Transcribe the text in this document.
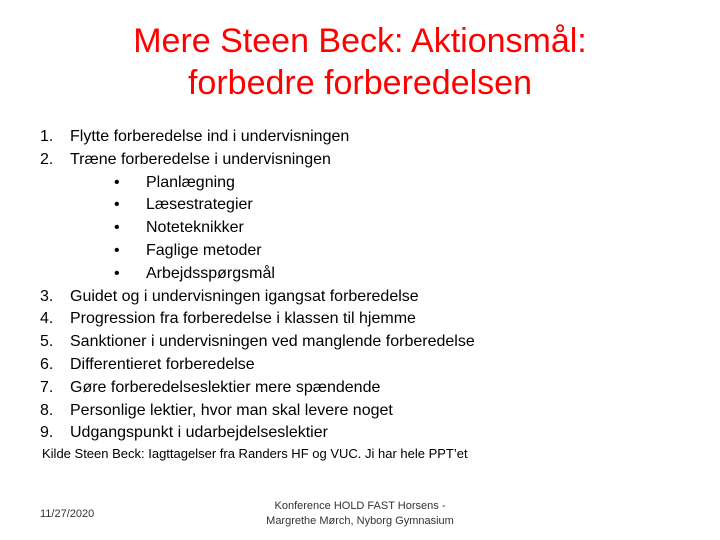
Mere Steen Beck: Aktionsmål:
forbedre forberedelsen
1.	Flytte forberedelse ind i undervisningen
2.	Træne forberedelse i undervisningen
•	Planlægning
•	Læsestrategier
•	Noteteknikker
•	Faglige metoder
•	Arbejdsspørgsmål
3.	Guidet og i undervisningen igangsat forberedelse
4.	Progression fra forberedelse i klassen til hjemme
5.	Sanktioner i undervisningen ved manglende forberedelse
6.	Differentieret forberedelse
7.	Gøre forberedelseslektier mere spændende
8.	Personlige lektier, hvor man skal levere noget
9.	Udgangspunkt i udarbejdelseslektier
Kilde Steen Beck: Iagttagelser fra Randers HF og VUC. Ji har hele PPT’et
11/27/2020
Konference HOLD FAST Horsens -
Margrethe Mørch, Nyborg Gymnasium
